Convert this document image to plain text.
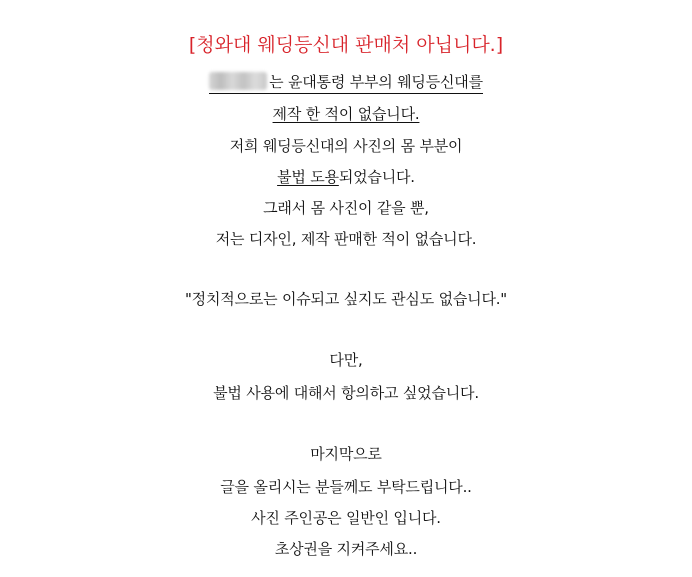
[청와대 웨딩등신대 판매처 아닙니다.]
는 윤대통령 부부의 웨딩등신대를
제작 한 적이 없습니다.
저희 웨딩등신대의 사진의 몸 부분이
불법 도용되었습니다.
그래서 몸 사진이 같을 뿐,
저는 디자인, 제작 판매한 적이 없습니다.
"정치적으로는 이슈되고 싶지도 관심도 없습니다."
다만,
불법 사용에 대해서 항의하고 싶었습니다.
마지막으로
글을 올리시는 분들께도 부탁드립니다..
사진 주인공은 일반인 입니다.
초상권을 지켜주세요..
